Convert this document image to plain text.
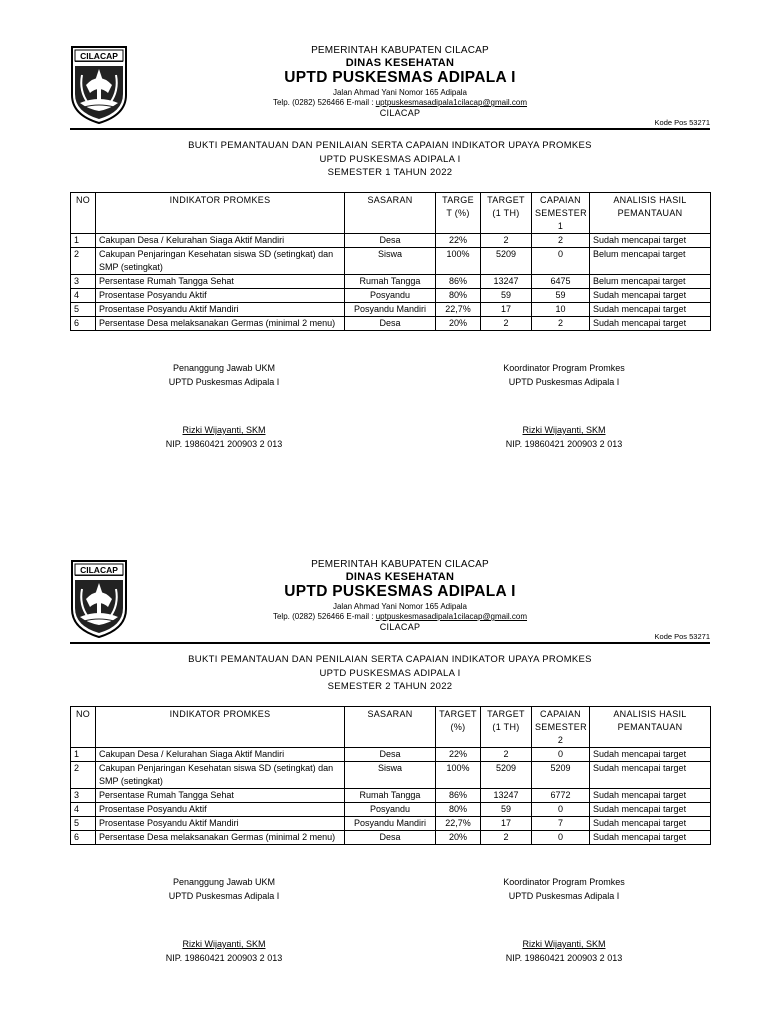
CILACAP	PEMERINTAH KABUPATEN CILACAP
DINAS KESEHATAN
UPTD PUSKESMAS ADIPALA I
Jalan Ahmad Yani Nomor 165 Adipala
Telp. (0282) 526466 E-mail : uptpuskesmasadipala1cilacap@gmail.com
CILACAP
Kode Pos 53271
BUKTI PEMANTAUAN DAN PENILAIAN SERTA CAPAIAN INDIKATOR UPAYA PROMKES
UPTD PUSKESMAS ADIPALA I
SEMESTER 1 TAHUN 2022
NO	INDIKATOR PROMKES	SASARAN	TARGE T (%)	TARGET (1 TH)	CAPAIAN SEMESTER 1	ANALISIS HASIL PEMANTAUAN
1	Cakupan Desa / Kelurahan Siaga Aktif Mandiri	Desa	22%	2	2	Sudah mencapai target
2	Cakupan Penjaringan Kesehatan siswa SD (setingkat) dan SMP (setingkat)	Siswa	100%	5209	0	Belum mencapai target
3	Persentase Rumah Tangga Sehat	Rumah Tangga	86%	13247	6475	Belum mencapai target
4	Prosentase Posyandu Aktif	Posyandu	80%	59	59	Sudah mencapai target
5	Prosentase Posyandu Aktif Mandiri	Posyandu Mandiri	22,7%	17	10	Sudah mencapai target
6	Persentase Desa melaksanakan Germas (minimal 2 menu)	Desa	20%	2	2	Sudah mencapai target
Penanggung Jawab UKM
UPTD Puskesmas Adipala I
Rizki Wijayanti, SKM
NIP. 19860421 200903 2 013
Koordinator Program Promkes
UPTD Puskesmas Adipala I
Rizki Wijayanti, SKM
NIP. 19860421 200903 2 013
CILACAP	PEMERINTAH KABUPATEN CILACAP
DINAS KESEHATAN
UPTD PUSKESMAS ADIPALA I
Jalan Ahmad Yani Nomor 165 Adipala
Telp. (0282) 526466 E-mail : uptpuskesmasadipala1cilacap@gmail.com
CILACAP
Kode Pos 53271
BUKTI PEMANTAUAN DAN PENILAIAN SERTA CAPAIAN INDIKATOR UPAYA PROMKES
UPTD PUSKESMAS ADIPALA I
SEMESTER 2 TAHUN 2022
NO	INDIKATOR PROMKES	SASARAN	TARGET (%)	TARGET (1 TH)	CAPAIAN SEMESTER 2	ANALISIS HASIL PEMANTAUAN
1	Cakupan Desa / Kelurahan Siaga Aktif Mandiri	Desa	22%	2	0	Sudah mencapai target
2	Cakupan Penjaringan Kesehatan siswa SD (setingkat) dan SMP (setingkat)	Siswa	100%	5209	5209	Sudah mencapai target
3	Persentase Rumah Tangga Sehat	Rumah Tangga	86%	13247	6772	Sudah mencapai target
4	Prosentase Posyandu Aktif	Posyandu	80%	59	0	Sudah mencapai target
5	Prosentase Posyandu Aktif Mandiri	Posyandu Mandiri	22,7%	17	7	Sudah mencapai target
6	Persentase Desa melaksanakan Germas (minimal 2 menu)	Desa	20%	2	0	Sudah mencapai target
Penanggung Jawab UKM
UPTD Puskesmas Adipala I
Rizki Wijayanti, SKM
NIP. 19860421 200903 2 013
Koordinator Program Promkes
UPTD Puskesmas Adipala I
Rizki Wijayanti, SKM
NIP. 19860421 200903 2 013
